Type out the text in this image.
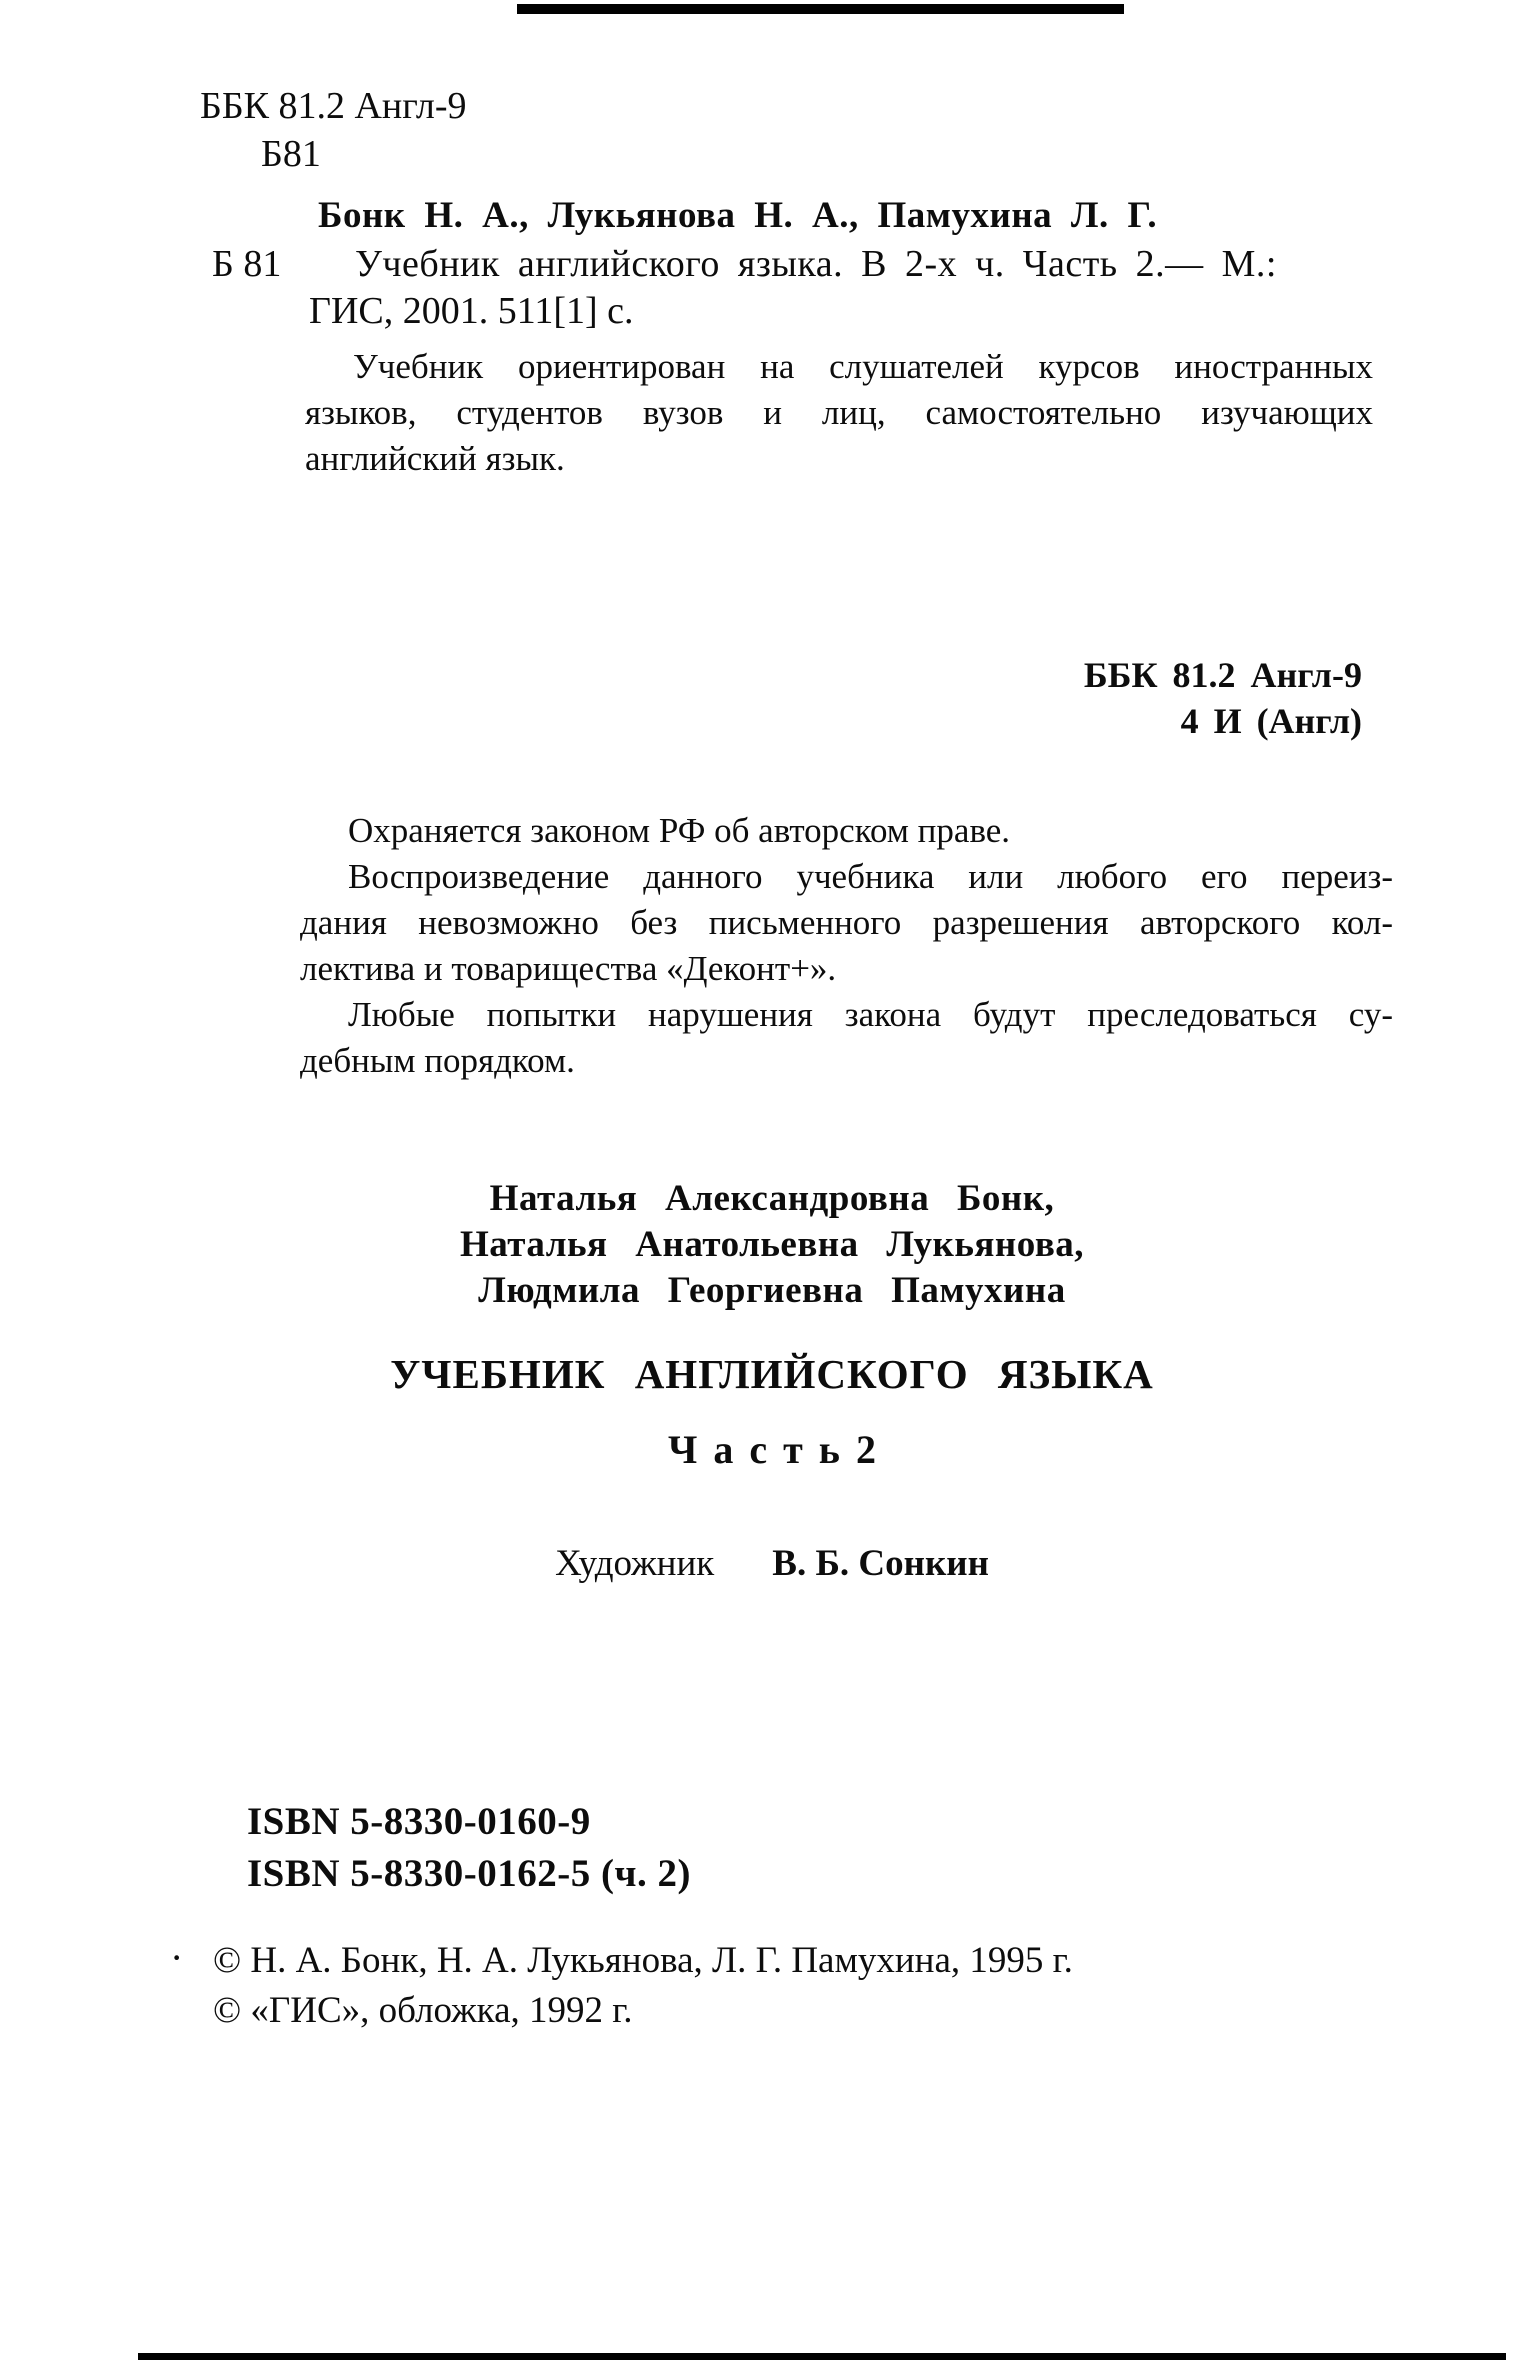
ББК 81.2 Англ-9
Б81
Бонк Н. А., Лукьянова Н. А., Памухина Л. Г.
Б 81 Учебник английского языка. В 2-х ч. Часть 2.— М.:
ГИС, 2001. 511[1] с.
Учебник ориентирован на слушателей курсов иностранных
языков, студентов вузов и лиц, самостоятельно изучающих
английский язык.
ББК 81.2 Англ-9
4 И (Англ)
Охраняется законом РФ об авторском праве.
Воспроизведение данного учебника или любого его переиз-
дания невозможно без письменного разрешения авторского кол-
лектива и товарищества «Деконт+».
Любые попытки нарушения закона будут преследоваться су-
дебным порядком.
Наталья Александровна Бонк,
Наталья Анатольевна Лукьянова,
Людмила Георгиевна Памухина
УЧЕБНИК АНГЛИЙСКОГО ЯЗЫКА
Ч а с т ь 2
Художник В. Б. Сонкин
ISBN 5-8330-0160-9
ISBN 5-8330-0162-5 (ч. 2)
· © Н. А. Бонк, Н. А. Лукьянова, Л. Г. Памухина, 1995 г.
© «ГИС», обложка, 1992 г.
